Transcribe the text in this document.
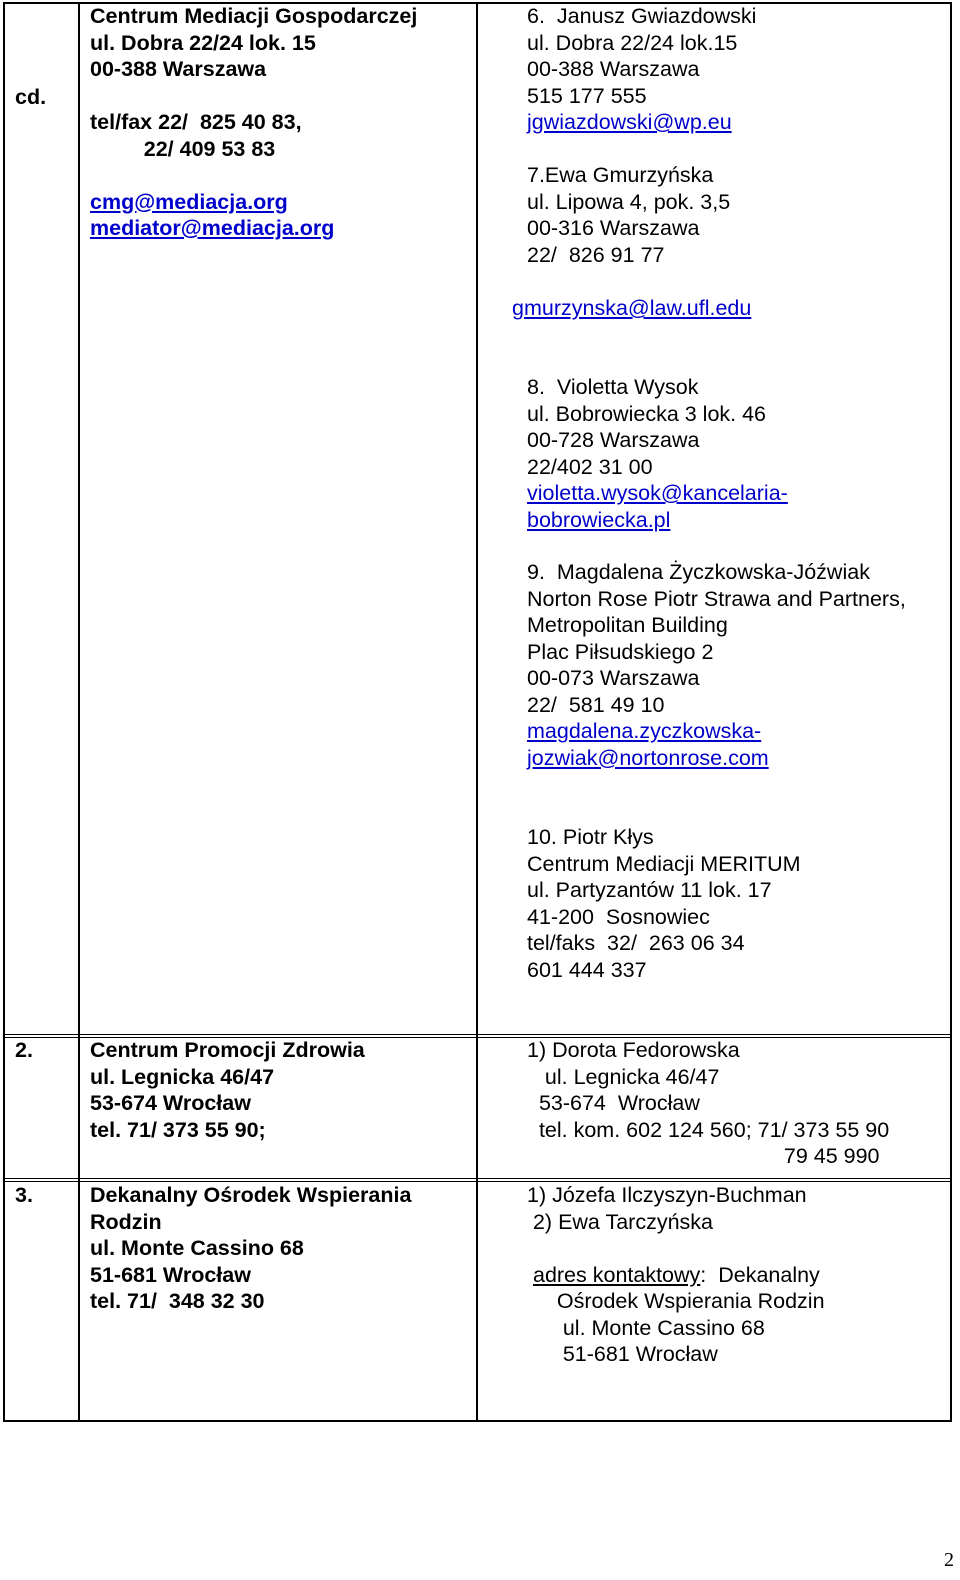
cd.
Centrum Mediacji Gospodarczej
ul. Dobra 22/24 lok. 15
00-388 Warszawa

tel/fax 22/  825 40 83,
22/ 409 53 83

cmg@mediacja.org
mediator@mediacja.org
6.  Janusz Gwiazdowski
ul. Dobra 22/24 lok.15
00-388 Warszawa
515 177 555
jgwiazdowski@wp.eu
7.Ewa Gmurzyńska
ul. Lipowa 4, pok. 3,5
00-316 Warszawa
22/  826 91 77
gmurzynska@law.ufl.edu
8.  Violetta Wysok
ul. Bobrowiecka 3 lok. 46
00-728 Warszawa
22/402 31 00
violetta.wysok@kancelaria-
bobrowiecka.pl
9.  Magdalena Życzkowska-Jóźwiak
Norton Rose Piotr Strawa and Partners,
Metropolitan Building
Plac Piłsudskiego 2
00-073 Warszawa
22/  581 49 10
magdalena.zyczkowska-
jozwiak@nortonrose.com
10. Piotr Kłys
Centrum Mediacji MERITUM
ul. Partyzantów 11 lok. 17
41-200  Sosnowiec
tel/faks  32/  263 06 34
601 444 337
2.	Centrum Promocji Zdrowia
ul. Legnicka 46/47
53-674 Wrocław
tel. 71/ 373 55 90;
1) Dorota Fedorowska
ul. Legnicka 46/47
53-674  Wrocław
tel. kom. 602 124 560; 71/ 373 55 90
79 45 990
3.	Dekanalny Ośrodek Wspierania
Rodzin
ul. Monte Cassino 68
51-681 Wrocław
tel. 71/  348 32 30
1) Józefa Ilczyszyn-Buchman
2) Ewa Tarczyńska

adres kontaktowy:  Dekanalny
Ośrodek Wspierania Rodzin
ul. Monte Cassino 68
51-681 Wrocław
2
